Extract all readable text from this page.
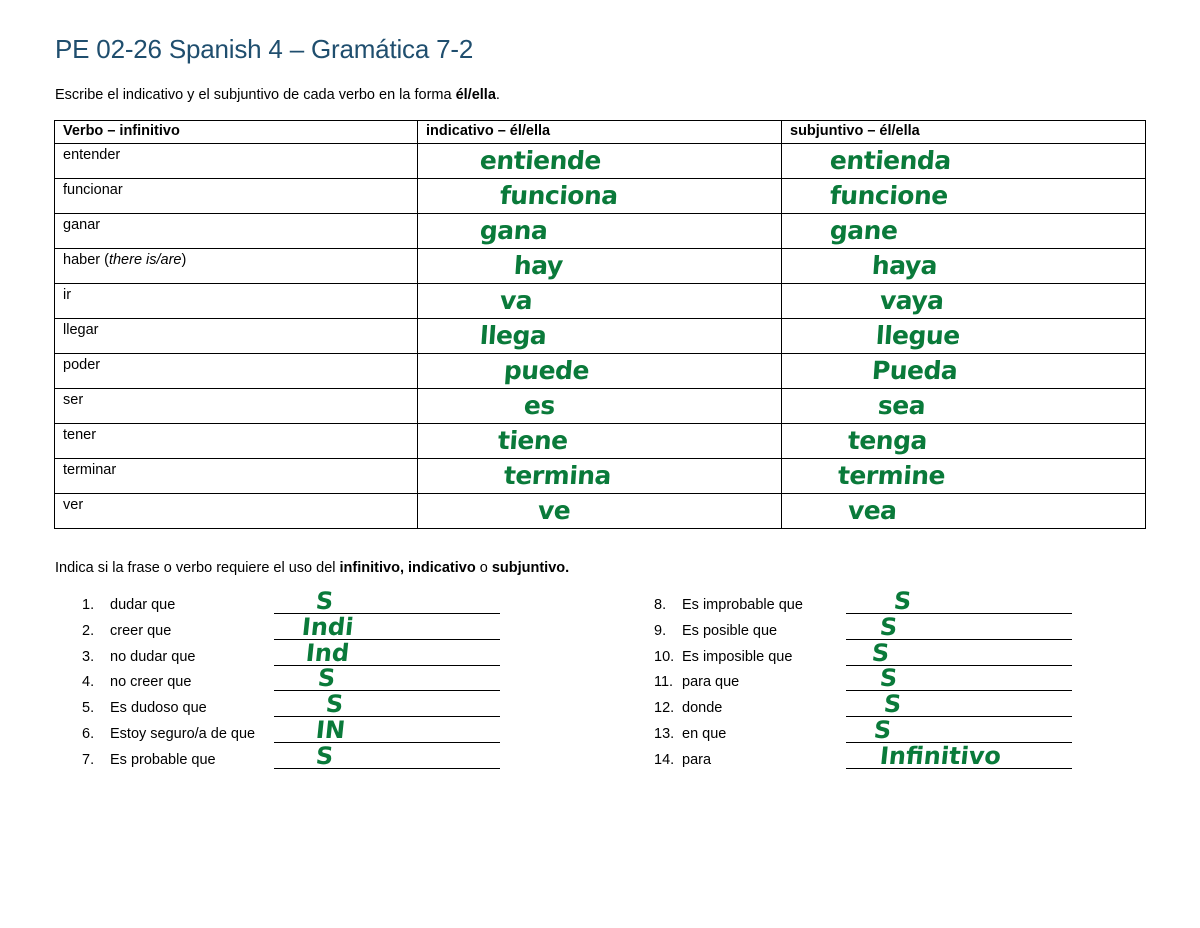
PE 02-26 Spanish 4 – Gramática 7-2
Escribe el indicativo y el subjuntivo de cada verbo en la forma él/ella.
Verbo – infinitivo	indicativo – él/ella	subjuntivo – él/ella
entender	entiende	entienda

funcionar	funciona	funcione

ganar	gana	gane

haber (there is/are)	hay	haya

ir	va	vaya

llegar	llega	llegue

poder	puede	Pueda

ser	es	sea

tener	tiene	tenga

terminar	termina	termine

ver	ve	vea
Indica si la frase o verbo requiere el uso del infinitivo, indicativo o subjuntivo.
1. dudar que	S
2. creer que	Indi
3. no dudar que	Ind
4. no creer que	S
5. Es dudoso que	S
6. Estoy seguro/a de que IN
7. Es probable que	S
8. Es improbable que	S
9. Es posible que	S
10. Es imposible que	S
11. para que	S
12. donde	S
13. en que	S
14. para	Infinitivo
